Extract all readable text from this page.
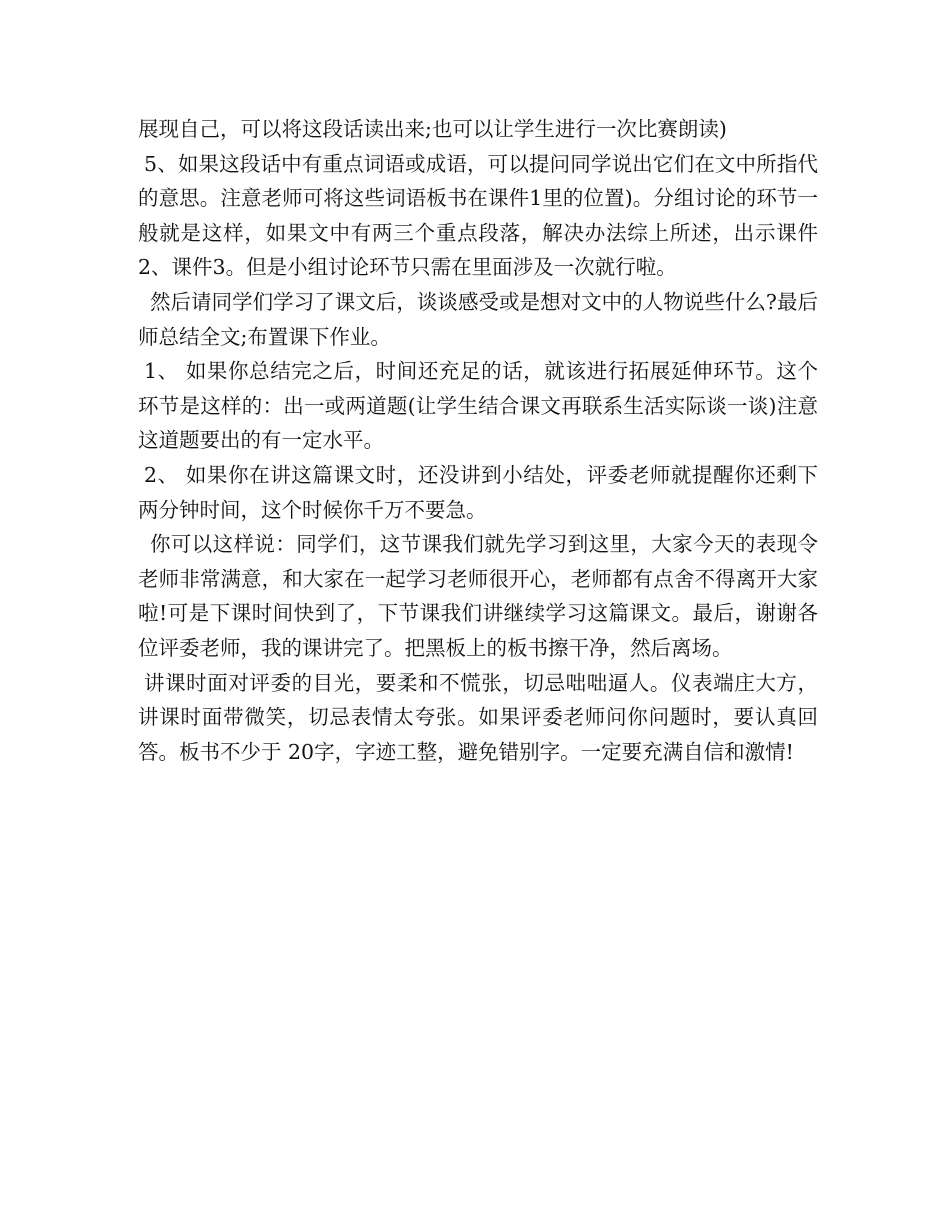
展现自己，可以将这段话读出来;也可以让学生进行一次比赛朗读)

5、如果这段话中有重点词语或成语，可以提问同学说出它们在文中所指代的意思。注意老师可将这些词语板书在课件1里的位置)。分组讨论的环节一般就是这样，如果文中有两三个重点段落，解决办法综上所述，出示课件2、课件3。但是小组讨论环节只需在里面涉及一次就行啦。

然后请同学们学习了课文后，谈谈感受或是想对文中的人物说些什么?最后师总结全文;布置课下作业。

1、 如果你总结完之后，时间还充足的话，就该进行拓展延伸环节。这个环节是这样的：出一或两道题(让学生结合课文再联系生活实际谈一谈)注意这道题要出的有一定水平。

2、 如果你在讲这篇课文时，还没讲到小结处，评委老师就提醒你还剩下两分钟时间，这个时候你千万不要急。

你可以这样说：同学们，这节课我们就先学习到这里，大家今天的表现令老师非常满意，和大家在一起学习老师很开心，老师都有点舍不得离开大家啦!可是下课时间快到了，下节课我们讲继续学习这篇课文。最后，谢谢各位评委老师，我的课讲完了。把黑板上的板书擦干净，然后离场。

讲课时面对评委的目光，要柔和不慌张，切忌咄咄逼人。仪表端庄大方，讲课时面带微笑，切忌表情太夸张。如果评委老师问你问题时，要认真回答。板书不少于 20字，字迹工整，避免错别字。一定要充满自信和激情!
